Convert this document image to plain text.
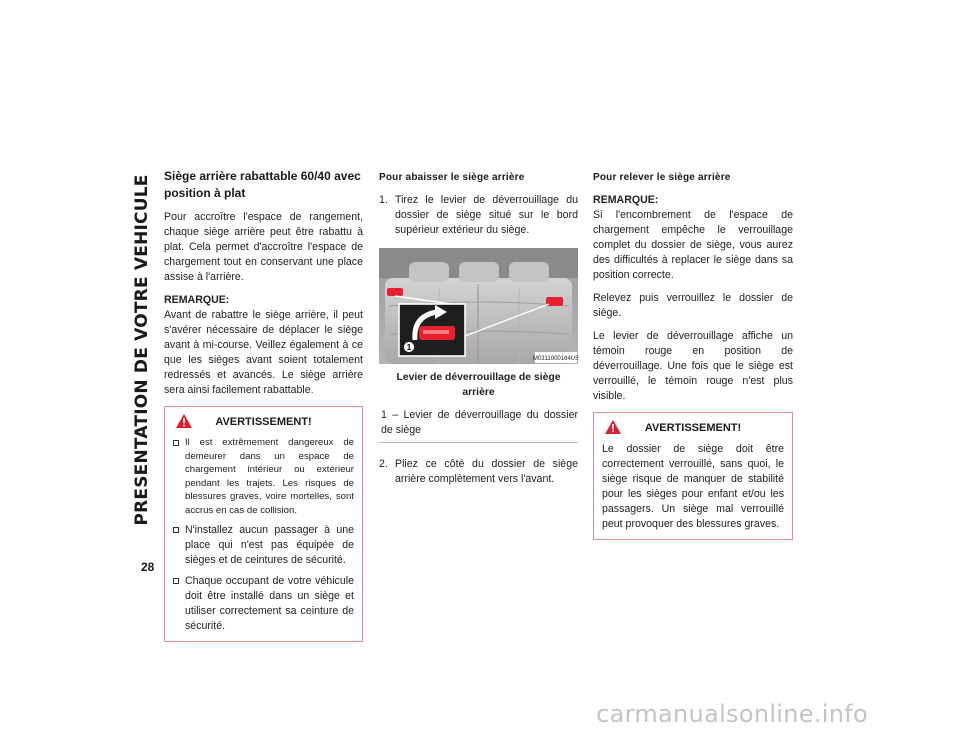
PRESENTATION DE VOTRE VEHICULE
28
Siège arrière rabattable 60/40 avec position à plat

Pour accroître l'espace de rangement, chaque siège arrière peut être rabattu à plat. Cela permet d'accroître l'espace de chargement tout en conservant une place assise à l'arrière.

REMARQUE:
Avant de rabattre le siège arrière, il peut s'avérer nécessaire de déplacer le siège avant à mi-course. Veillez également à ce que les sièges avant soient totalement redressés et avancés. Le siège arrière sera ainsi facilement rabattable.

AVERTISSEMENT!
Il est extrêmement dangereux de demeurer dans un espace de chargement intérieur ou extérieur pendant les trajets. Les risques de blessures graves, voire mortelles, sont accrus en cas de collision.
N'installez aucun passager à une place qui n'est pas équipée de sièges et de ceintures de sécurité.
Chaque occupant de votre véhicule doit être installé dans un siège et utiliser correctement sa ceinture de sécurité.
Pour abaisser le siège arrière
1. Tirez le levier de déverrouillage du dossier de siège situé sur le bord supérieur extérieur du siège.
1
M0311000164US
Levier de déverrouillage de siège arrière
1 – Levier de déverrouillage du dossier de siège
2. Pliez ce côté du dossier de siège arrière complètement vers l'avant.
Pour relever le siège arrière

REMARQUE:
Si l'encombrement de l'espace de chargement empêche le verrouillage complet du dossier de siège, vous aurez des difficultés à replacer le siège dans sa position correcte.

Relevez puis verrouillez le dossier de siège.

Le levier de déverrouillage affiche un témoin rouge en position de déverrouillage. Une fois que le siège est verrouillé, le témoin rouge n'est plus visible.

AVERTISSEMENT!

Le dossier de siège doit être correctement verrouillé, sans quoi, le siège risque de manquer de stabilité pour les sièges pour enfant et/ou les passagers. Un siège mal verrouillé peut provoquer des blessures graves.

carmanualsonline.info
